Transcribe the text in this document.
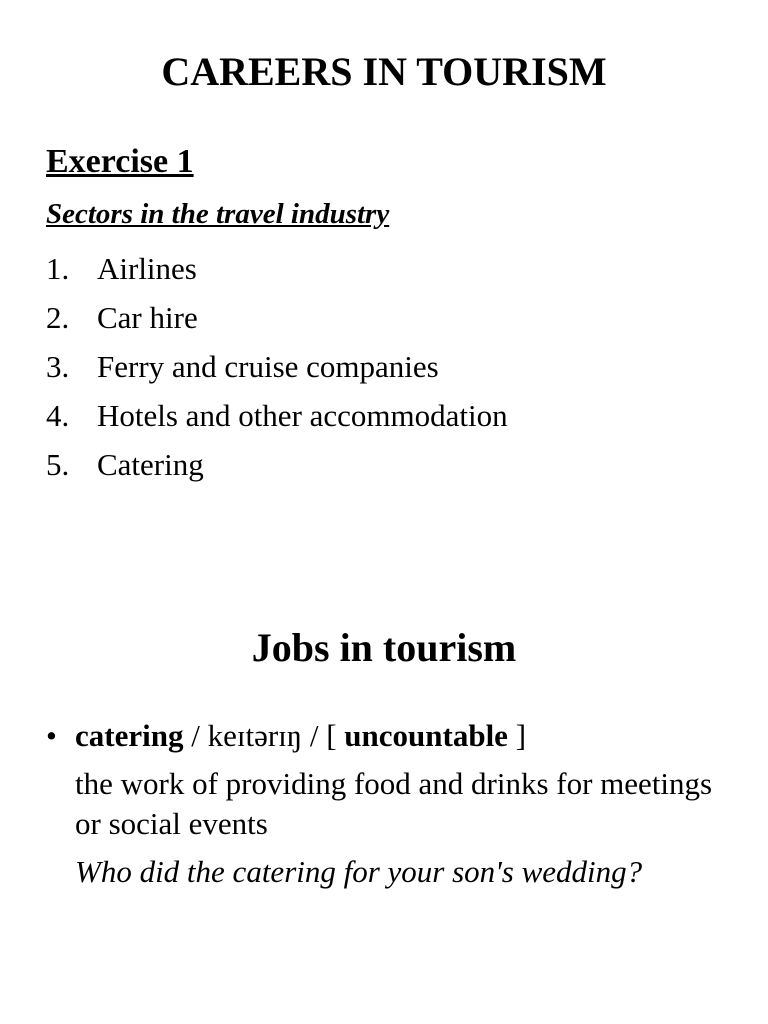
CAREERS IN TOURISM
Exercise 1
Sectors in the travel industry
1. Airlines
2. Car hire
3. Ferry and cruise companies
4. Hotels and other accommodation
5. Catering
Jobs in tourism
• catering / keɪtərɪŋ / [ uncountable ]
the work of providing food and drinks for meetings or social events
Who did the catering for your son's wedding?
